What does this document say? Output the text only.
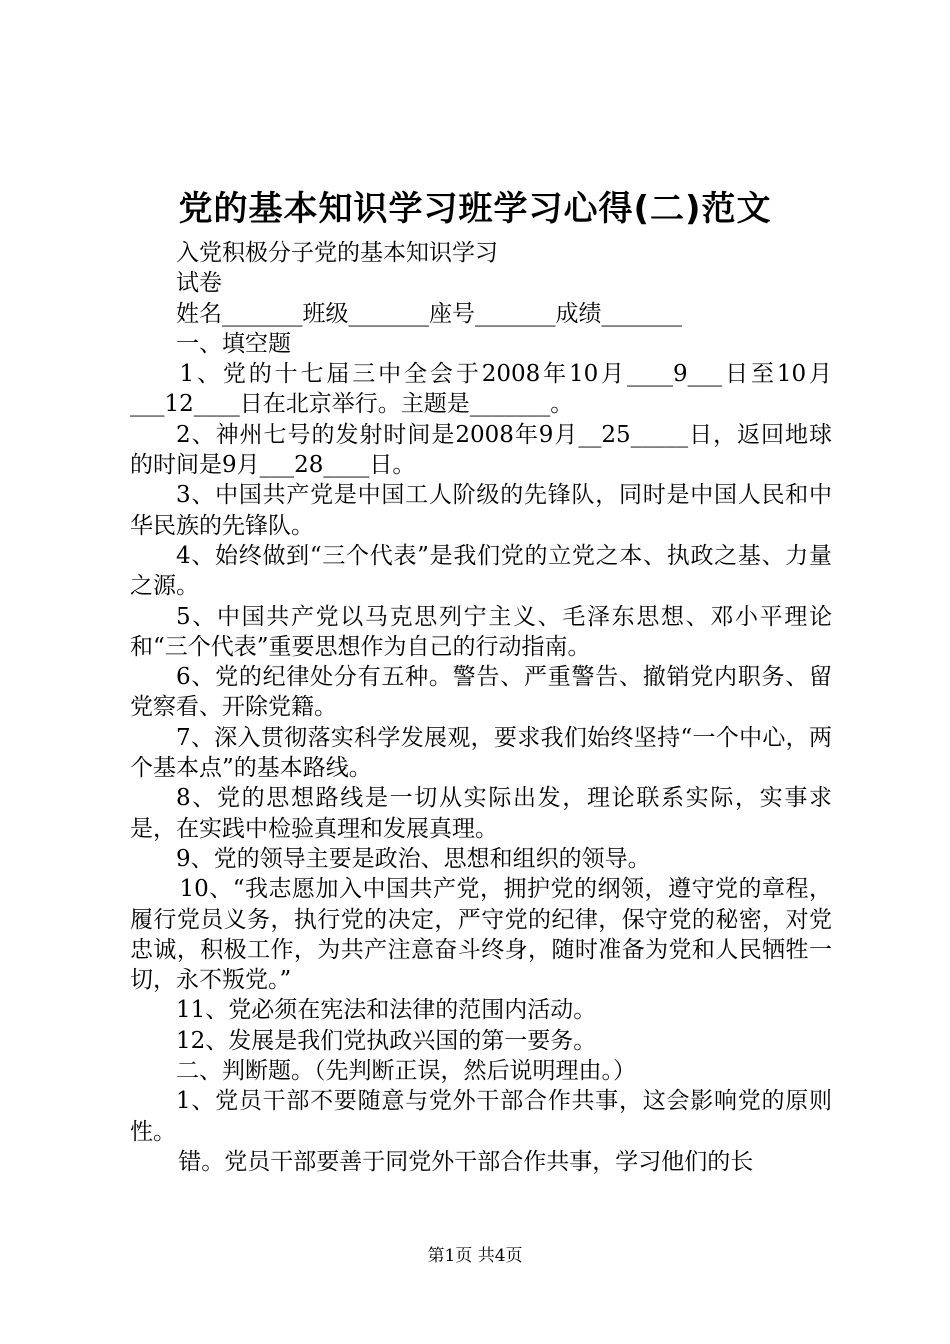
党的基本知识学习班学习心得(二)范文

入党积极分子党的基本知识学习

试卷

姓名_______班级_______座号_______成绩_______

一、填空题

1、党的十七届三中全会于2008年10月____9___日至10月___12____日在北京举行。主题是_______。

2、神州七号的发射时间是2008年9月__25_____日，返回地球的时间是9月___28____日。

3、中国共产党是中国工人阶级的先锋队，同时是中国人民和中华民族的先锋队。

4、始终做到“三个代表”是我们党的立党之本、执政之基、力量之源。

5、中国共产党以马克思列宁主义、毛泽东思想、邓小平理论和“三个代表”重要思想作为自己的行动指南。

6、党的纪律处分有五种。警告、严重警告、撤销党内职务、留党察看、开除党籍。

7、深入贯彻落实科学发展观，要求我们始终坚持“一个中心，两个基本点”的基本路线。

8、党的思想路线是一切从实际出发，理论联系实际，实事求是，在实践中检验真理和发展真理。

9、党的领导主要是政治、思想和组织的领导。

10、“我志愿加入中国共产党，拥护党的纲领，遵守党的章程，履行党员义务，执行党的决定，严守党的纪律，保守党的秘密，对党忠诚，积极工作，为共产注意奋斗终身，随时准备为党和人民牺牲一切，永不叛党。”

11、党必须在宪法和法律的范围内活动。

12、发展是我们党执政兴国的第一要务。

二、判断题。（先判断正误，然后说明理由。）

1、党员干部不要随意与党外干部合作共事，这会影响党的原则性。

错。党员干部要善于同党外干部合作共事，学习他们的长

第1页 共4页
